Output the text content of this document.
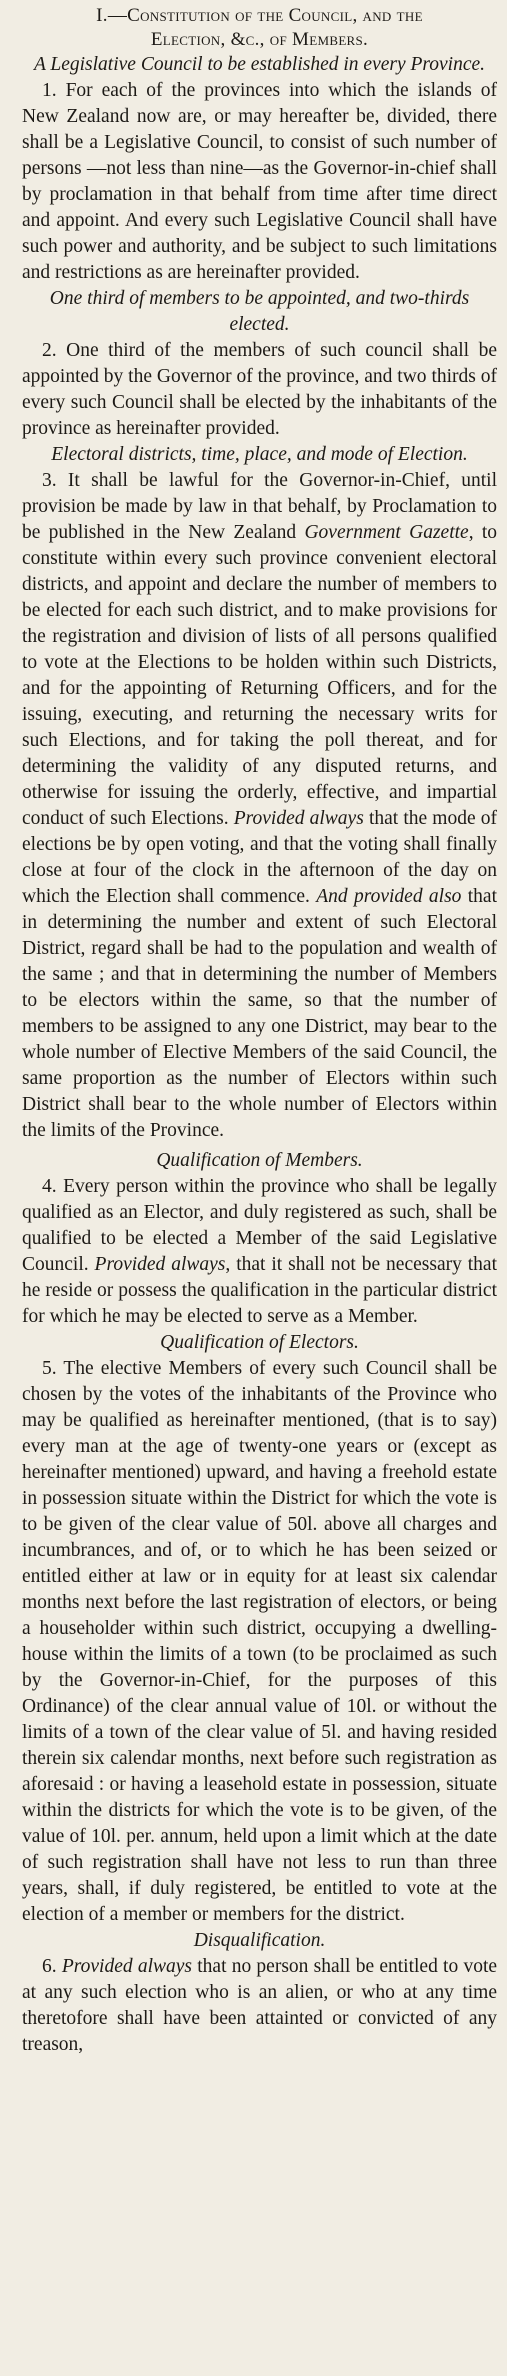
I.—Constitution of the Council, and the
Election, &c., of Members.
A Legislative Council to be established in every Province.

1. For each of the provinces into which the islands of New Zealand now are, or may hereafter be, divided, there shall be a Legislative Council, to consist of such number of persons —not less than nine—as the Governor-in-chief shall by proclamation in that behalf from time after time direct and appoint. And every such Legislative Council shall have such power and authority, and be subject to such limitations and restrictions as are hereinafter provided.

One third of members to be appointed, and two-thirds elected.

2. One third of the members of such council shall be appointed by the Governor of the province, and two thirds of every such Council shall be elected by the inhabitants of the province as hereinafter provided.

Electoral districts, time, place, and mode of Election.

3. It shall be lawful for the Governor-in-Chief, until provision be made by law in that behalf, by Proclamation to be published in the New Zealand Government Gazette, to constitute within every such province convenient electoral districts, and appoint and declare the number of members to be elected for each such district, and to make provisions for the registration and division of lists of all persons qualified to vote at the Elections to be holden within such Districts, and for the appointing of Returning Officers, and for the issuing, executing, and returning the necessary writs for such Elections, and for taking the poll thereat, and for determining the validity of any disputed returns, and otherwise for issuing the orderly, effective, and impartial conduct of such Elections. Provided always that the mode of elections be by open voting, and that the voting shall finally close at four of the clock in the afternoon of the day on which the Election shall commence. And provided also that in determining the number and extent of such Electoral District, regard shall be had to the population and wealth of the same ; and that in determining the number of Members to be electors within the same, so that the number of members to be assigned to any one District, may bear to the whole number of Elective Members of the said Council, the same proportion as the number of Electors within such District shall bear to the whole number of Electors within the limits of the Province.

Qualification of Members.

4. Every person within the province who shall be legally qualified as an Elector, and duly registered as such, shall be qualified to be elected a Member of the said Legislative Council. Provided always, that it shall not be necessary that he reside or possess the qualification in the particular district for which he may be elected to serve as a Member.

Qualification of Electors.

5. The elective Members of every such Council shall be chosen by the votes of the inhabitants of the Province who may be qualified as hereinafter mentioned, (that is to say) every man at the age of twenty-one years or (except as hereinafter mentioned) upward, and having a freehold estate in possession situate within the District for which the vote is to be given of the clear value of 50l. above all charges and incumbrances, and of, or to which he has been seized or entitled either at law or in equity for at least six calendar months next before the last registration of electors, or being a householder within such district, occupying a dwelling-house within the limits of a town (to be proclaimed as such by the Governor-in-Chief, for the purposes of this Ordinance) of the clear annual value of 10l. or without the limits of a town of the clear value of 5l. and having resided therein six calendar months, next before such registration as aforesaid : or having a leasehold estate in possession, situate within the districts for which the vote is to be given, of the value of 10l. per. annum, held upon a limit which at the date of such registration shall have not less to run than three years, shall, if duly registered, be entitled to vote at the election of a member or members for the district.

Disqualification.

6. Provided always that no person shall be entitled to vote at any such election who is an alien, or who at any time theretofore shall have been attainted or convicted of any treason,
